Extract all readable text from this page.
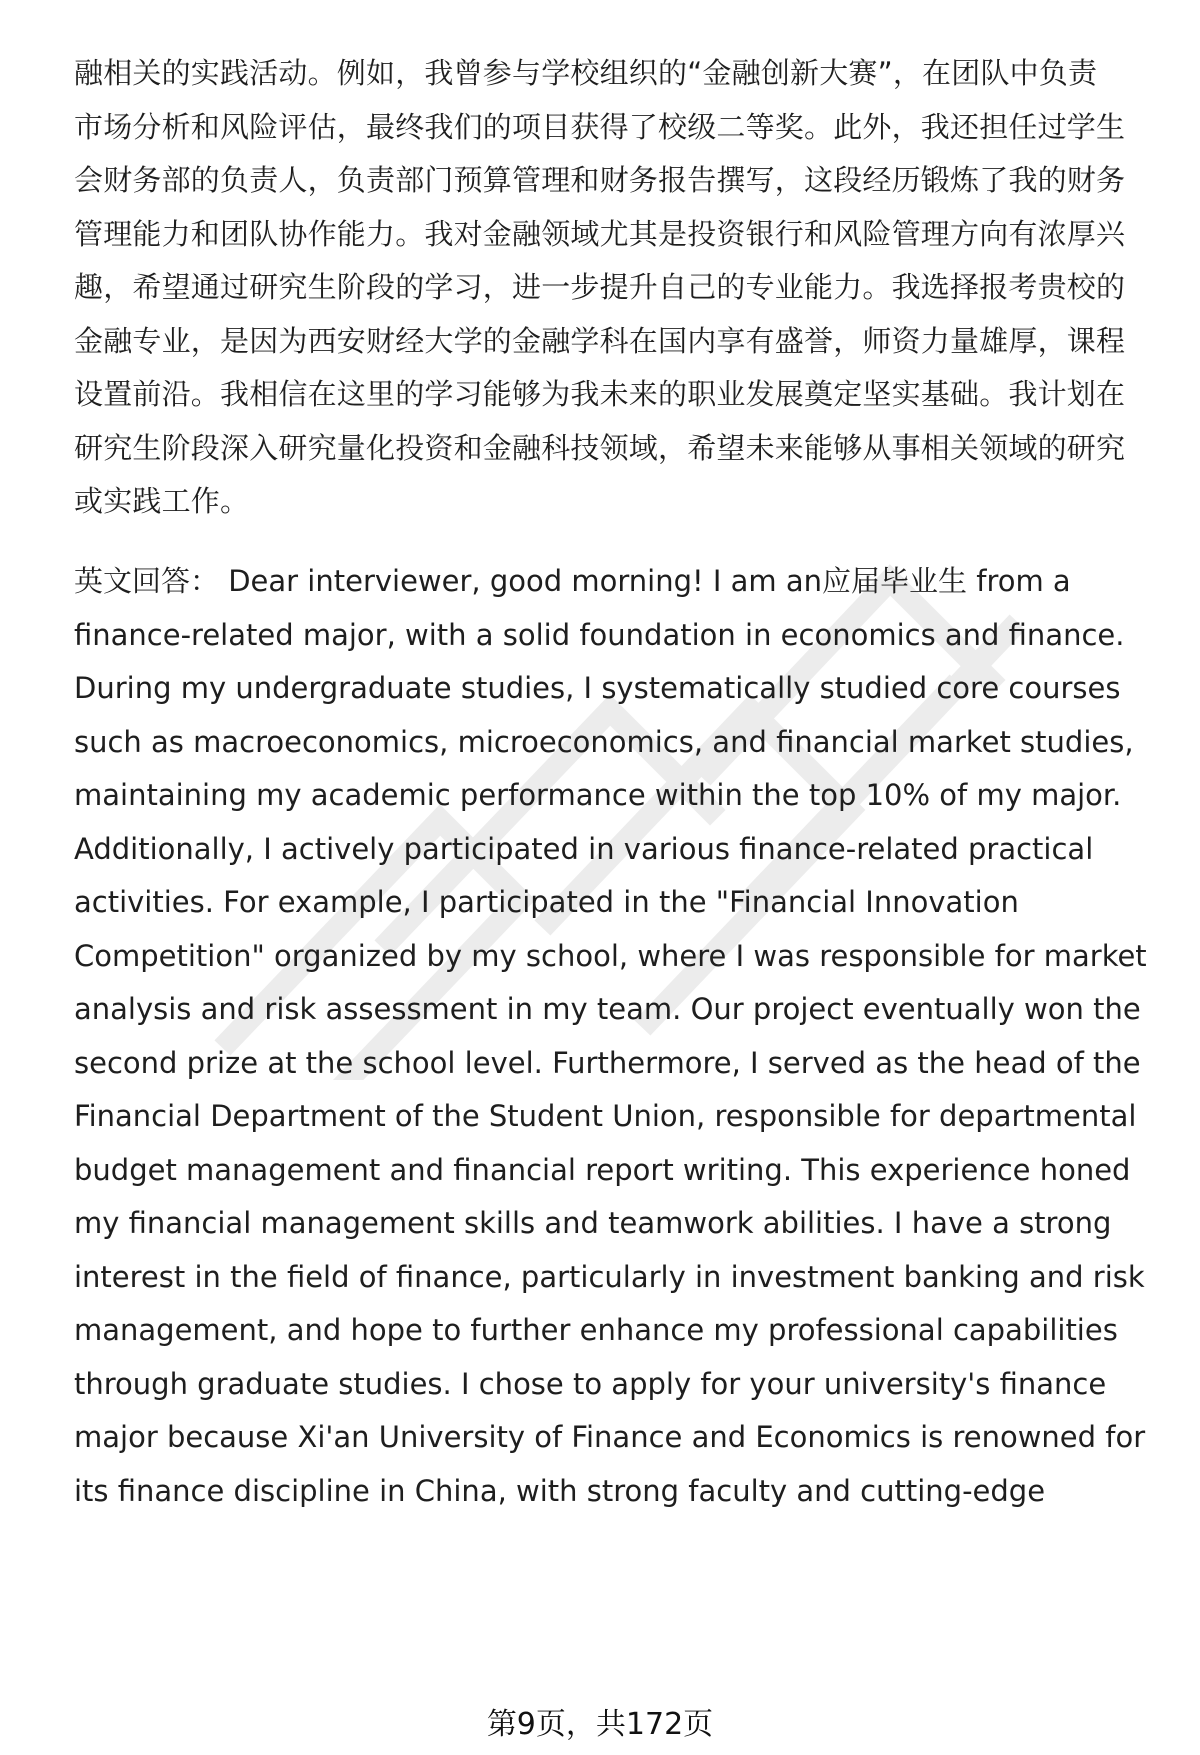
融相关的实践活动。例如，我曾参与学校组织的“金融创新大赛”，在团队中负责
市场分析和风险评估，最终我们的项目获得了校级二等奖。此外，我还担任过学生
会财务部的负责人，负责部门预算管理和财务报告撰写，这段经历锻炼了我的财务
管理能力和团队协作能力。我对金融领域尤其是投资银行和风险管理方向有浓厚兴
趣，希望通过研究生阶段的学习，进一步提升自己的专业能力。我选择报考贵校的
金融专业，是因为西安财经大学的金融学科在国内享有盛誉，师资力量雄厚，课程
设置前沿。我相信在这里的学习能够为我未来的职业发展奠定坚实基础。我计划在
研究生阶段深入研究量化投资和金融科技领域，希望未来能够从事相关领域的研究
或实践工作。
英文回答： Dear interviewer, good morning! I am an应届毕业生 from a
finance-related major, with a solid foundation in economics and finance.
During my undergraduate studies, I systematically studied core courses
such as macroeconomics, microeconomics, and financial market studies,
maintaining my academic performance within the top 10% of my major.
Additionally, I actively participated in various finance-related practical
activities. For example, I participated in the "Financial Innovation
Competition" organized by my school, where I was responsible for market
analysis and risk assessment in my team. Our project eventually won the
second prize at the school level. Furthermore, I served as the head of the
Financial Department of the Student Union, responsible for departmental
budget management and financial report writing. This experience honed
my financial management skills and teamwork abilities. I have a strong
interest in the field of finance, particularly in investment banking and risk
management, and hope to further enhance my professional capabilities
through graduate studies. I chose to apply for your university's finance
major because Xi'an University of Finance and Economics is renowned for
its finance discipline in China, with strong faculty and cutting-edge
第9页，共172页
